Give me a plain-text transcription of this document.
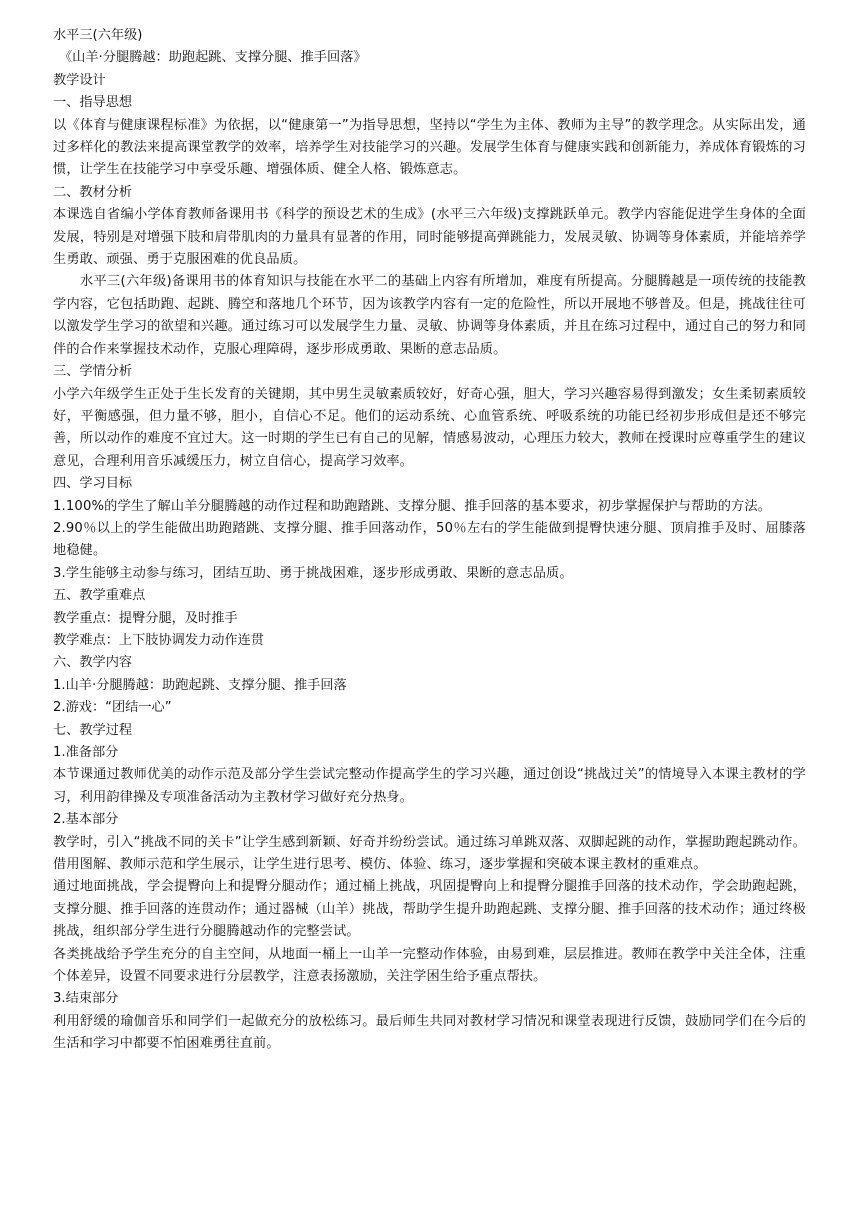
水平三(六年级)
《山羊·分腿腾越：助跑起跳、支撑分腿、推手回落》
教学设计
一、指导思想
以《体育与健康课程标准》为依据，以“健康第一”为指导思想，坚持以“学生为主体、教师为主导”的教学理念。从实际出发，通过多样化的教法来提高课堂教学的效率，培养学生对技能学习的兴趣。发展学生体育与健康实践和创新能力，养成体育锻炼的习惯，让学生在技能学习中享受乐趣、增强体质、健全人格、锻炼意志。
二、教材分析
本课选自省编小学体育教师备课用书《科学的预设艺术的生成》(水平三六年级)支撑跳跃单元。教学内容能促进学生身体的全面发展，特别是对增强下肢和肩带肌肉的力量具有显著的作用，同时能够提高弹跳能力，发展灵敏、协调等身体素质，并能培养学生勇敢、顽强、勇于克服困难的优良品质。
水平三(六年级)备课用书的体育知识与技能在水平二的基础上内容有所增加，难度有所提高。分腿腾越是一项传统的技能教学内容，它包括助跑、起跳、腾空和落地几个环节，因为该教学内容有一定的危险性，所以开展地不够普及。但是，挑战往往可以激发学生学习的欲望和兴趣。通过练习可以发展学生力量、灵敏、协调等身体素质，并且在练习过程中，通过自己的努力和同伴的合作来掌握技术动作，克服心理障碍，逐步形成勇敢、果断的意志品质。
三、学情分析
小学六年级学生正处于生长发育的关键期，其中男生灵敏素质较好，好奇心强，胆大，学习兴趣容易得到激发；女生柔韧素质较好，平衡感强，但力量不够，胆小，自信心不足。他们的运动系统、心血管系统、呼吸系统的功能已经初步形成但是还不够完善，所以动作的难度不宜过大。这一时期的学生已有自己的见解，情感易波动，心理压力较大，教师在授课时应尊重学生的建议意见，合理利用音乐减缓压力，树立自信心，提高学习效率。
四、学习目标
1.100%的学生了解山羊分腿腾越的动作过程和助跑踏跳、支撑分腿、推手回落的基本要求，初步掌握保护与帮助的方法。
2.90％以上的学生能做出助跑踏跳、支撑分腿、推手回落动作，50％左右的学生能做到提臀快速分腿、顶肩推手及时、屈膝落地稳健。
3.学生能够主动参与练习，团结互助、勇于挑战困难，逐步形成勇敢、果断的意志品质。
五、教学重难点
教学重点：提臀分腿，及时推手
教学难点：上下肢协调发力动作连贯
六、教学内容
1.山羊·分腿腾越：助跑起跳、支撑分腿、推手回落
2.游戏：“团结一心”
七、教学过程
1.准备部分
本节课通过教师优美的动作示范及部分学生尝试完整动作提高学生的学习兴趣，通过创设“挑战过关”的情境导入本课主教材的学习，利用韵律操及专项准备活动为主教材学习做好充分热身。
2.基本部分
教学时，引入“挑战不同的关卡”让学生感到新颖、好奇并纷纷尝试。通过练习单跳双落、双脚起跳的动作，掌握助跑起跳动作。借用图解、教师示范和学生展示，让学生进行思考、模仿、体验、练习，逐步掌握和突破本课主教材的重难点。
通过地面挑战，学会提臀向上和提臀分腿动作；通过桶上挑战，巩固提臀向上和提臀分腿推手回落的技术动作，学会助跑起跳，支撑分腿、推手回落的连贯动作；通过器械（山羊）挑战，帮助学生提升助跑起跳、支撑分腿、推手回落的技术动作；通过终极挑战，组织部分学生进行分腿腾越动作的完整尝试。
各类挑战给予学生充分的自主空间，从地面一桶上一山羊一完整动作体验，由易到难，层层推进。教师在教学中关注全体，注重个体差异，设置不同要求进行分层教学，注意表扬激励，关注学困生给予重点帮扶。
3.结束部分
利用舒缓的瑜伽音乐和同学们一起做充分的放松练习。最后师生共同对教材学习情况和课堂表现进行反馈，鼓励同学们在今后的生活和学习中都要不怕困难勇往直前。
